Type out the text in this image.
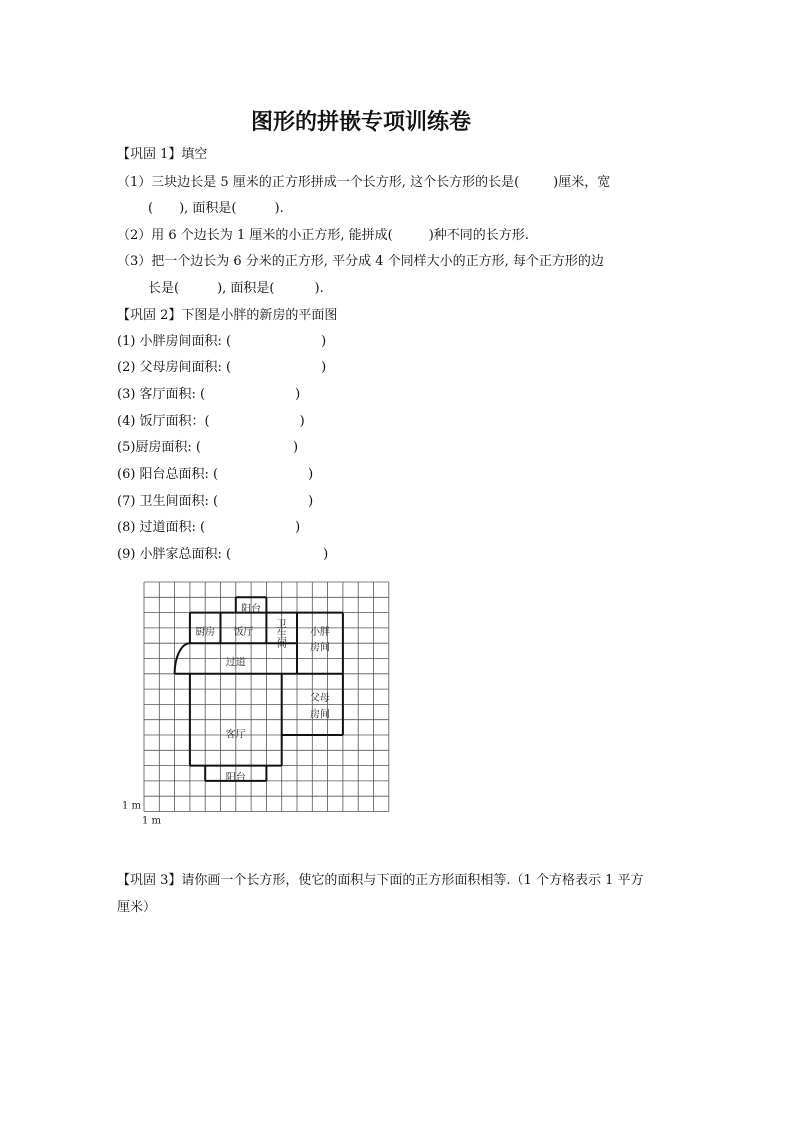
图形的拼嵌专项训练卷
【巩固 1】填空
（1）三块边长是 5 厘米的正方形拼成一个长方形, 这个长方形的长是(	)厘米，宽
( ), 面积是(	).
（2）用 6 个边长为 1 厘米的小正方形, 能拼成(	)种不同的长方形.
（3）把一个边长为 6 分米的正方形, 平分成 4 个同样大小的正方形, 每个正方形的边
长是(	), 面积是(	).
【巩固 2】下图是小胖的新房的平面图
(1) 小胖房间面积: (	)
(2) 父母房间面积: (	)
(3) 客厅面积: (	)
(4) 饭厅面积：(	)
(5)厨房面积: (	)
(6) 阳台总面积: (	)
(7) 卫生间面积: (	)
(8) 过道面积: (	)
(9) 小胖家总面积: (	)
阳台
厨房 饭厅
卫
生
间
小胖
房间
过道
父母
房间
客厅
阳台
1 m
1 m
【巩固 3】请你画一个长方形，使它的面积与下面的正方形面积相等.（1 个方格表示 1 平方
厘米）
